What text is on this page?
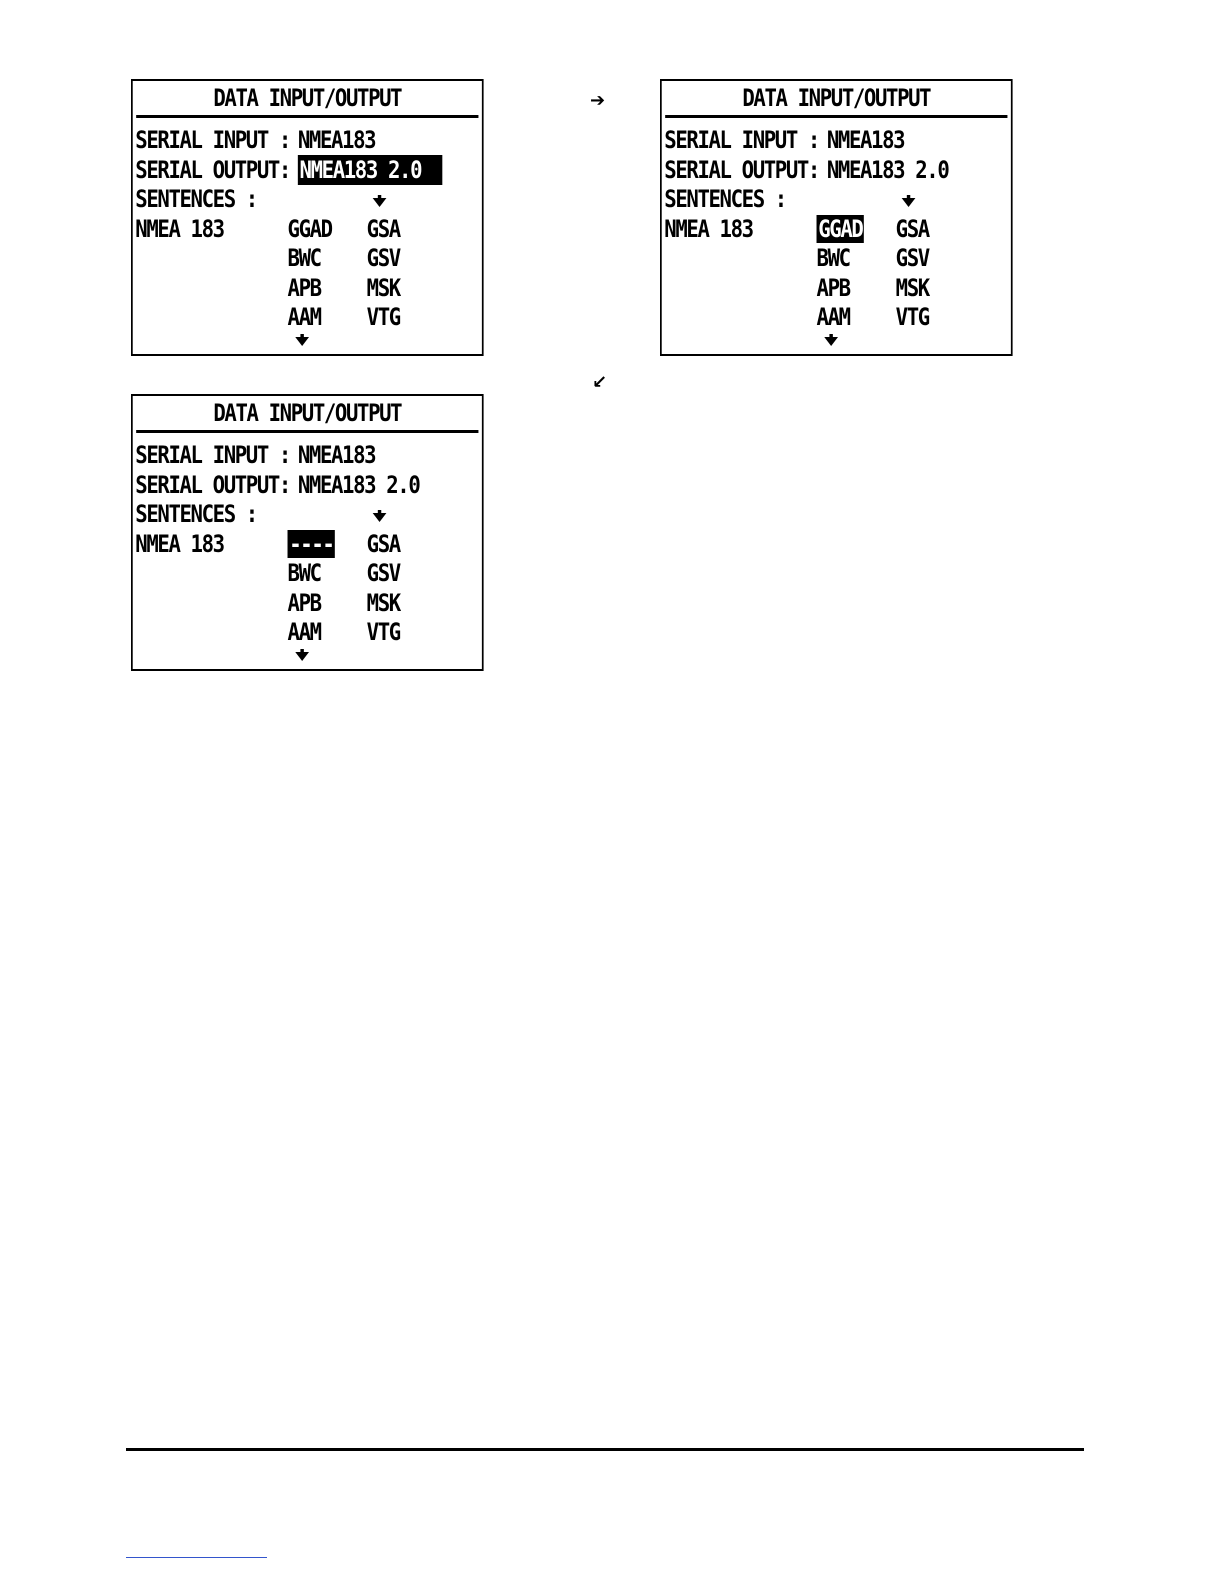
DATA INPUT/OUTPUT
SERIAL INPUT : NMEA183
SERIAL OUTPUT : NMEA183 2.0
SENTENCES :
NMEA 183	GGAD GSA
BWC GSV
APB MSK
AAM VTG
➔	DATA INPUT/OUTPUT
SERIAL INPUT : NMEA183
SERIAL OUTPUT : NMEA183 2.0
SENTENCES :
NMEA 183	GGAD GSA
BWC GSV
APB MSK
AAM VTG
↙
DATA INPUT/OUTPUT
SERIAL INPUT : NMEA183
SERIAL OUTPUT : NMEA183 2.0
SENTENCES :
NMEA 183	---- GSA
BWC GSV
APB MSK
AAM VTG
